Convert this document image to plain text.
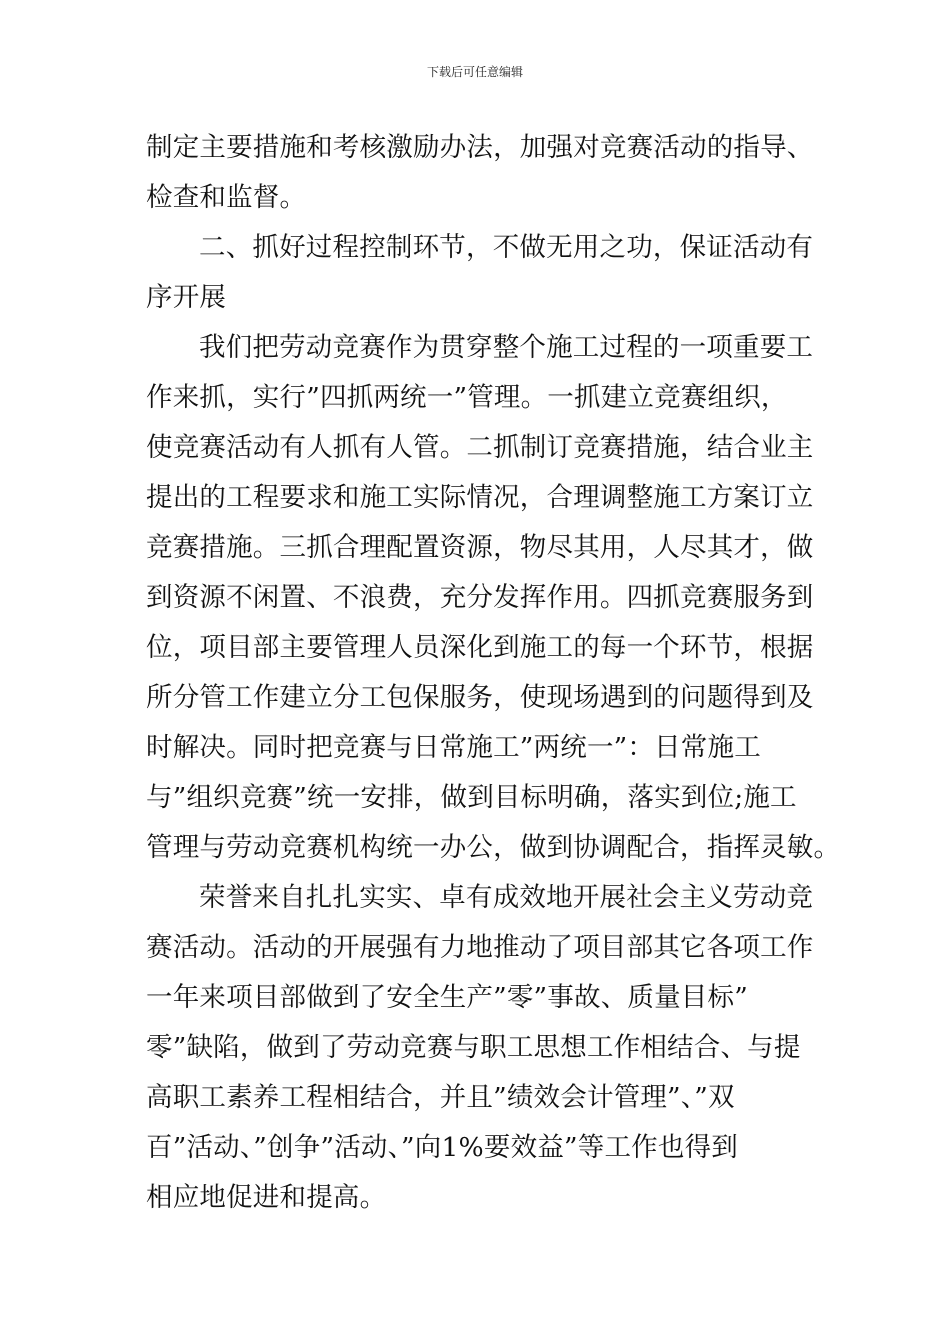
下载后可任意编辑
制定主要措施和考核激励办法，加强对竞赛活动的指导、
检查和监督。
二、抓好过程控制环节，不做无用之功，保证活动有
序开展
我们把劳动竞赛作为贯穿整个施工过程的一项重要工
作来抓，实行”四抓两统一”管理。一抓建立竞赛组织，
使竞赛活动有人抓有人管。二抓制订竞赛措施，结合业主
提出的工程要求和施工实际情况，合理调整施工方案订立
竞赛措施。三抓合理配置资源，物尽其用，人尽其才，做
到资源不闲置、不浪费，充分发挥作用。四抓竞赛服务到
位，项目部主要管理人员深化到施工的每一个环节，根据
所分管工作建立分工包保服务，使现场遇到的问题得到及
时解决。同时把竞赛与日常施工”两统一”：日常施工
与”组织竞赛”统一安排，做到目标明确，落实到位;施工
管理与劳动竞赛机构统一办公，做到协调配合，指挥灵敏。
荣誉来自扎扎实实、卓有成效地开展社会主义劳动竞
赛活动。活动的开展强有力地推动了项目部其它各项工作
一年来项目部做到了安全生产”零”事故、质量目标”
零”缺陷，做到了劳动竞赛与职工思想工作相结合、与提
高职工素养工程相结合，并且”绩效会计管理”、”双
百”活动、”创争”活动、”向1%要效益”等工作也得到
相应地促进和提高。
